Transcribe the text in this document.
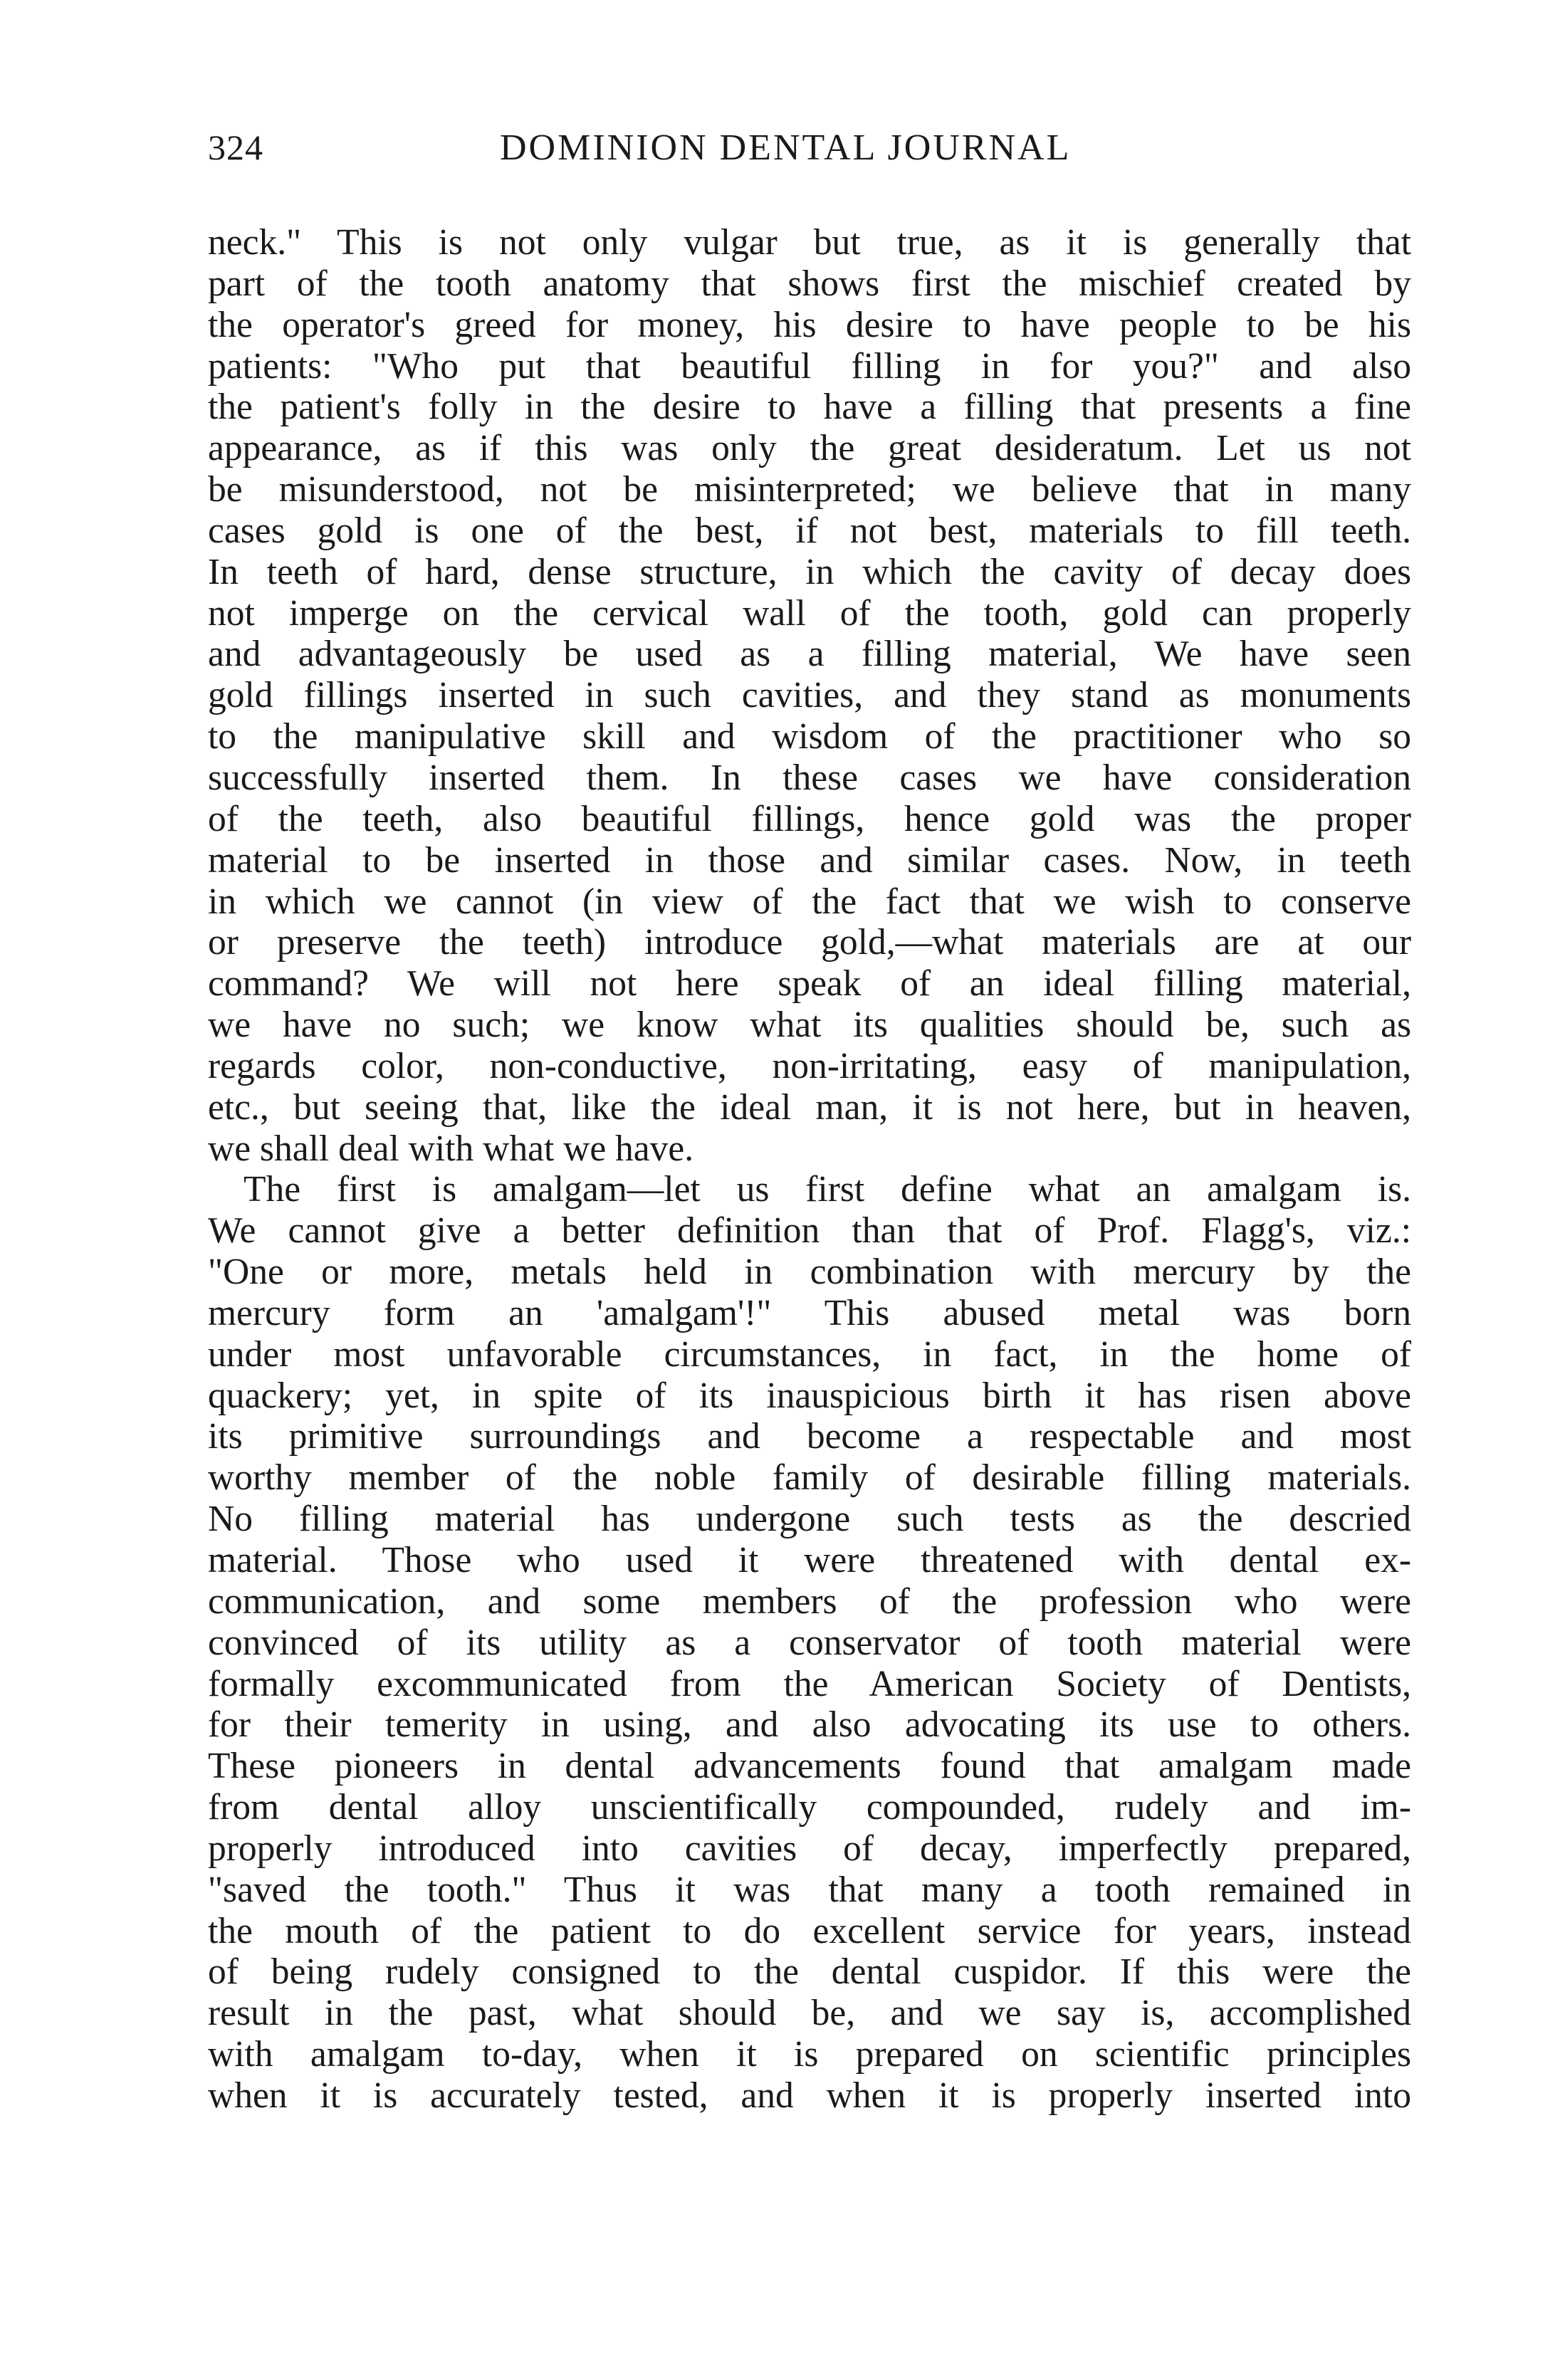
324	DOMINION DENTAL JOURNAL
neck." This is not only vulgar but true, as it is generally that
part of the tooth anatomy that shows first the mischief created by
the operator's greed for money, his desire to have people to be his
patients: "Who put that beautiful filling in for you?" and also
the patient's folly in the desire to have a filling that presents a fine
appearance, as if this was only the great desideratum. Let us not
be misunderstood, not be misinterpreted; we believe that in many
cases gold is one of the best, if not best, materials to fill teeth.
In teeth of hard, dense structure, in which the cavity of decay does
not imperge on the cervical wall of the tooth, gold can properly
and advantageously be used as a filling material, We have seen
gold fillings inserted in such cavities, and they stand as monuments
to the manipulative skill and wisdom of the practitioner who so
successfully inserted them. In these cases we have consideration
of the teeth, also beautiful fillings, hence gold was the proper
material to be inserted in those and similar cases. Now, in teeth
in which we cannot (in view of the fact that we wish to conserve
or preserve the teeth) introduce gold,—what materials are at our
command? We will not here speak of an ideal filling material,
we have no such; we know what its qualities should be, such as
regards color, non-conductive, non-irritating, easy of manipulation,
etc., but seeing that, like the ideal man, it is not here, but in heaven,
we shall deal with what we have.
The first is amalgam—let us first define what an amalgam is.
We cannot give a better definition than that of Prof. Flagg's, viz.:
"One or more, metals held in combination with mercury by the
mercury form an 'amalgam'!" This abused metal was born
under most unfavorable circumstances, in fact, in the home of
quackery; yet, in spite of its inauspicious birth it has risen above
its primitive surroundings and become a respectable and most
worthy member of the noble family of desirable filling materials.
No filling material has undergone such tests as the descried
material. Those who used it were threatened with dental ex-
communication, and some members of the profession who were
convinced of its utility as a conservator of tooth material were
formally excommunicated from the American Society of Dentists,
for their temerity in using, and also advocating its use to others.
These pioneers in dental advancements found that amalgam made
from dental alloy unscientifically compounded, rudely and im-
properly introduced into cavities of decay, imperfectly prepared,
"saved the tooth." Thus it was that many a tooth remained in
the mouth of the patient to do excellent service for years, instead
of being rudely consigned to the dental cuspidor. If this were the
result in the past, what should be, and we say is, accomplished
with amalgam to-day, when it is prepared on scientific principles
when it is accurately tested, and when it is properly inserted into
